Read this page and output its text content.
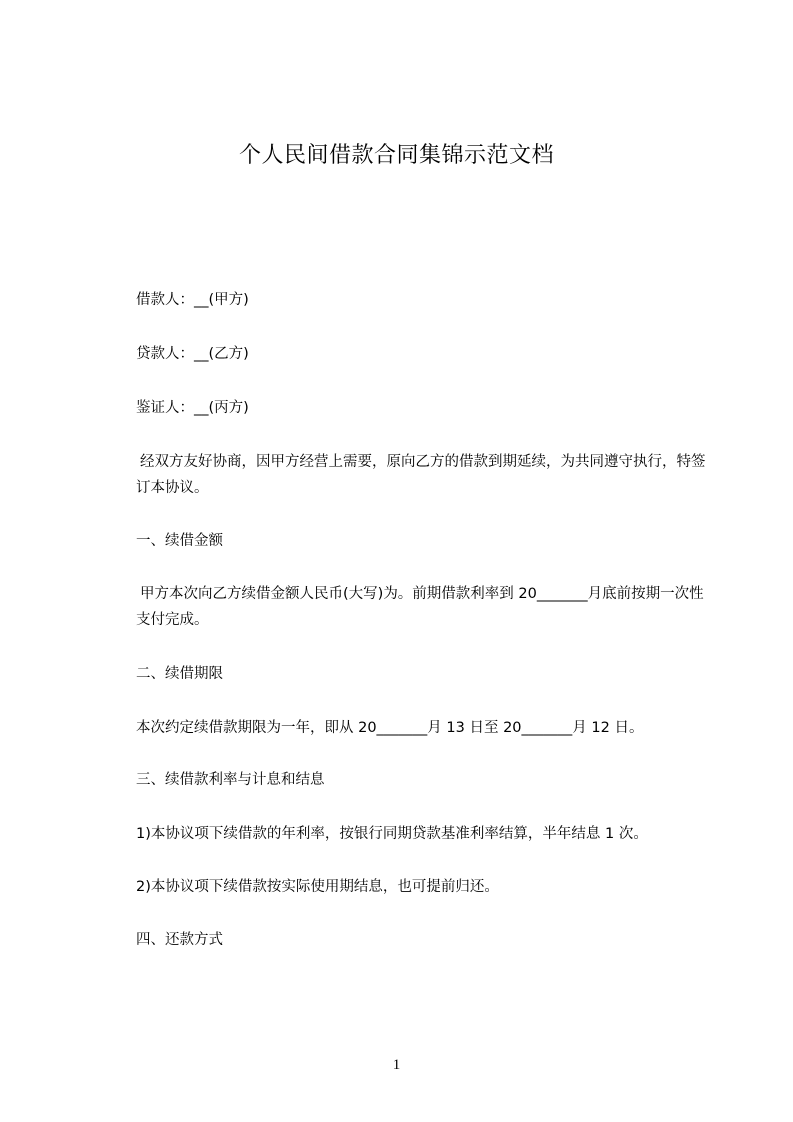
个人民间借款合同集锦示范文档
借款人：__(甲方)
贷款人：__(乙方)
鉴证人：__(丙方)
经双方友好协商，因甲方经营上需要，原向乙方的借款到期延续，为共同遵守执行，特签订本协议。
一、续借金额
甲方本次向乙方续借金额人民币(大写)为。前期借款利率到 20_______月底前按期一次性支付完成。
二、续借期限
本次约定续借款期限为一年，即从 20_______月 13 日至 20_______月 12 日。
三、续借款利率与计息和结息
1)本协议项下续借款的年利率，按银行同期贷款基准利率结算，半年结息 1 次。
2)本协议项下续借款按实际使用期结息，也可提前归还。
四、还款方式
1
